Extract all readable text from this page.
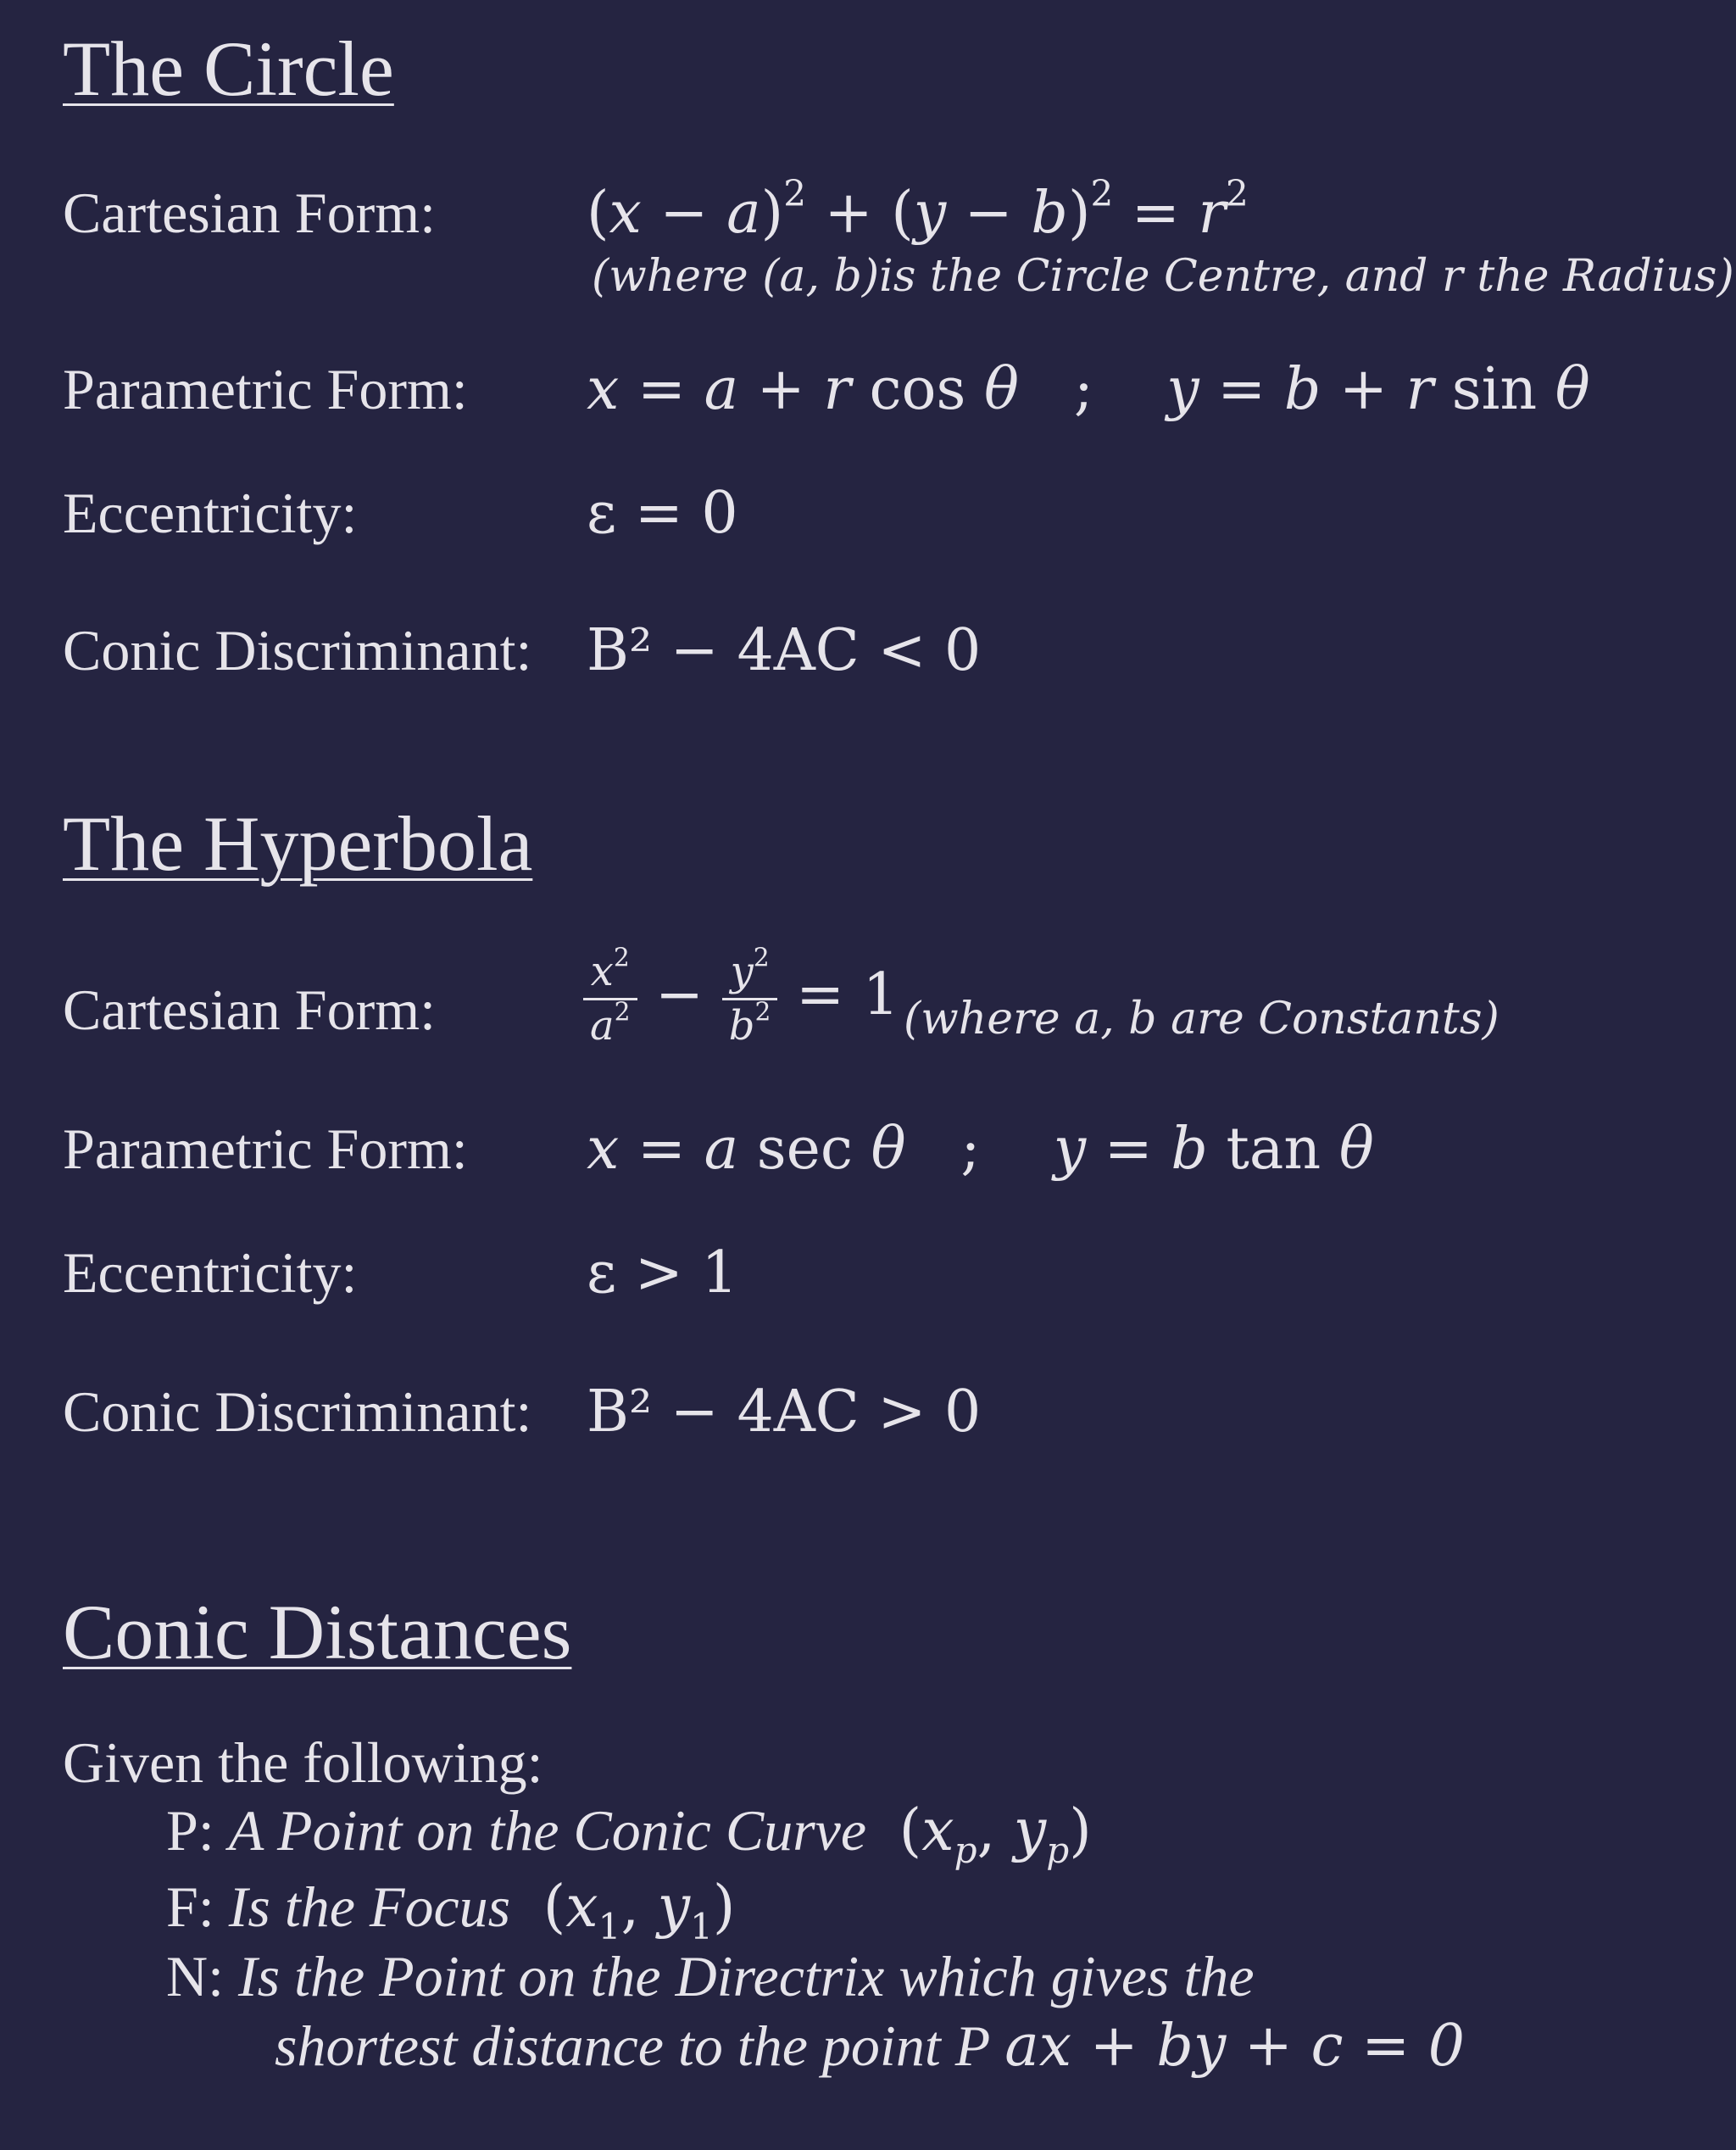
The Circle
Cartesian Form:	$(x - a)^2 + (y - b)^2 = r^2$
(where (a, b)is the Circle Centre, and r the Radius)
Parametric Form: x = a + r cos θ   ;    y = b + r sin θ
Eccentricity:	ε = 0
Conic Discriminant: B² − 4AC < 0
The Hyperbola
Cartesian Form:	$\frac{x^2}{a^2} - \frac{y^2}{b^2} = 1$ (where a, b are Constants)
Parametric Form: x = a sec θ   ;    y = b tan θ
Eccentricity:	ε > 1
Conic Discriminant: B² − 4AC > 0
Conic Distances
Given the following:
P: A Point on the Conic Curve  ($x_p$, $y_p$)
F: Is the Focus  ($x_1$, $y_1$)
N: Is the Point on the Directrix which gives the
shortest distance to the point P ax + by + c = 0
